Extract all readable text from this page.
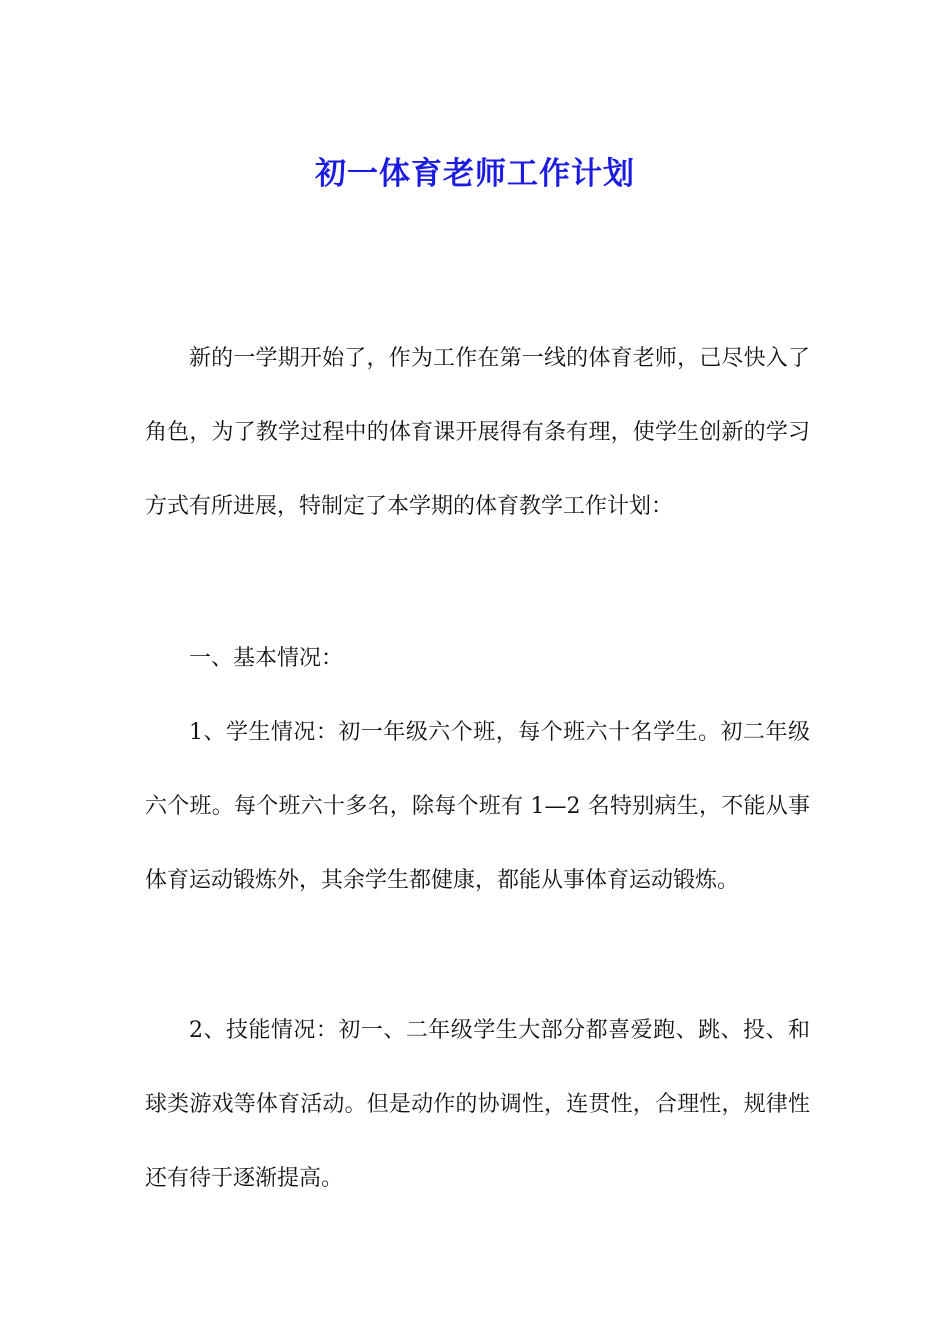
初一体育老师工作计划

新的一学期开始了，作为工作在第一线的体育老师，己尽快入了角色，为了教学过程中的体育课开展得有条有理，使学生创新的学习方式有所进展，特制定了本学期的体育教学工作计划：

一、基本情况：

1、学生情况：初一年级六个班，每个班六十名学生。初二年级六个班。每个班六十多名，除每个班有 1—2 名特别病生，不能从事体育运动锻炼外，其余学生都健康，都能从事体育运动锻炼。

2、技能情况：初一、二年级学生大部分都喜爱跑、跳、投、和球类游戏等体育活动。但是动作的协调性，连贯性，合理性，规律性还有待于逐渐提高。
